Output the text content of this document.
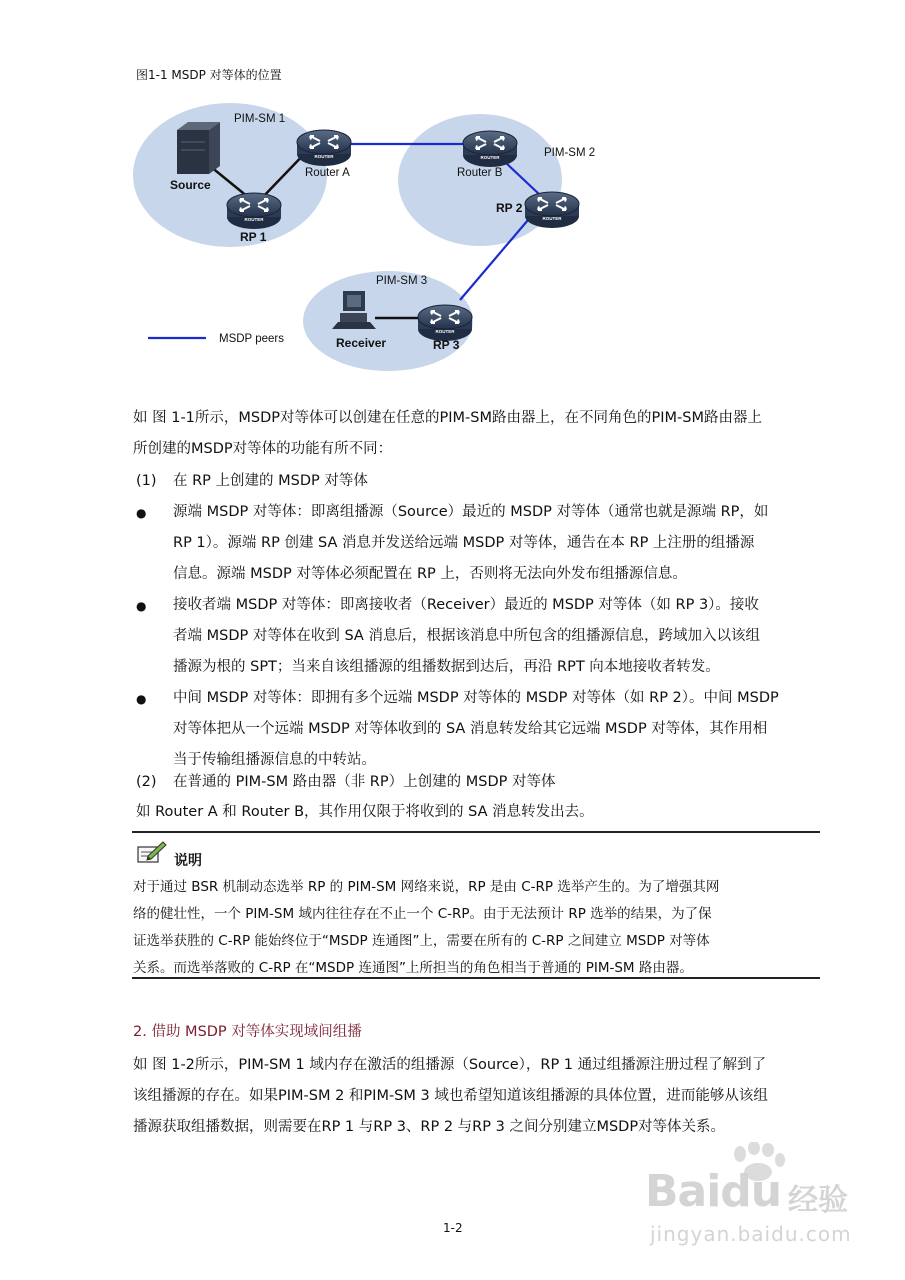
图1-1 MSDP 对等体的位置
ROUTER
ROUTER
ROUTER
ROUTER
ROUTER
PIM-SM 1
PIM-SM 2
PIM-SM 3
Router A	Router B
MSDP peers
Source
RP 1
RP 2
Receiver	RP 3
如 图 1-1所示，MSDP对等体可以创建在任意的PIM-SM路由器上，在不同角色的PIM-SM路由器上
所创建的MSDP对等体的功能有所不同：
(1) 在 RP 上创建的 MSDP 对等体
● 源端 MSDP 对等体：即离组播源（Source）最近的 MSDP 对等体（通常也就是源端 RP，如
RP 1）。源端 RP 创建 SA 消息并发送给远端 MSDP 对等体，通告在本 RP 上注册的组播源
信息。源端 MSDP 对等体必须配置在 RP 上，否则将无法向外发布组播源信息。
● 接收者端 MSDP 对等体：即离接收者（Receiver）最近的 MSDP 对等体（如 RP 3）。接收
者端 MSDP 对等体在收到 SA 消息后，根据该消息中所包含的组播源信息，跨域加入以该组
播源为根的 SPT；当来自该组播源的组播数据到达后，再沿 RPT 向本地接收者转发。
● 中间 MSDP 对等体：即拥有多个远端 MSDP 对等体的 MSDP 对等体（如 RP 2）。中间 MSDP
对等体把从一个远端 MSDP 对等体收到的 SA 消息转发给其它远端 MSDP 对等体，其作用相
当于传输组播源信息的中转站。
(2) 在普通的 PIM-SM 路由器（非 RP）上创建的 MSDP 对等体
如 Router A 和 Router B，其作用仅限于将收到的 SA 消息转发出去。
说明
对于通过 BSR 机制动态选举 RP 的 PIM-SM 网络来说，RP 是由 C-RP 选举产生的。为了增强其网
络的健壮性，一个 PIM-SM 域内往往存在不止一个 C-RP。由于无法预计 RP 选举的结果，为了保
证选举获胜的 C-RP 能始终位于“MSDP 连通图”上，需要在所有的 C-RP 之间建立 MSDP 对等体
关系。而选举落败的 C-RP 在“MSDP 连通图”上所担当的角色相当于普通的 PIM-SM 路由器。
2. 借助 MSDP 对等体实现域间组播
如 图 1-2所示，PIM-SM 1 域内存在激活的组播源（Source），RP 1 通过组播源注册过程了解到了
该组播源的存在。如果PIM-SM 2 和PIM-SM 3 域也希望知道该组播源的具体位置，进而能够从该组
播源获取组播数据，则需要在RP 1 与RP 3、RP 2 与RP 3 之间分别建立MSDP对等体关系。
1-2
Baidu 经验
jingyan.baidu.com
